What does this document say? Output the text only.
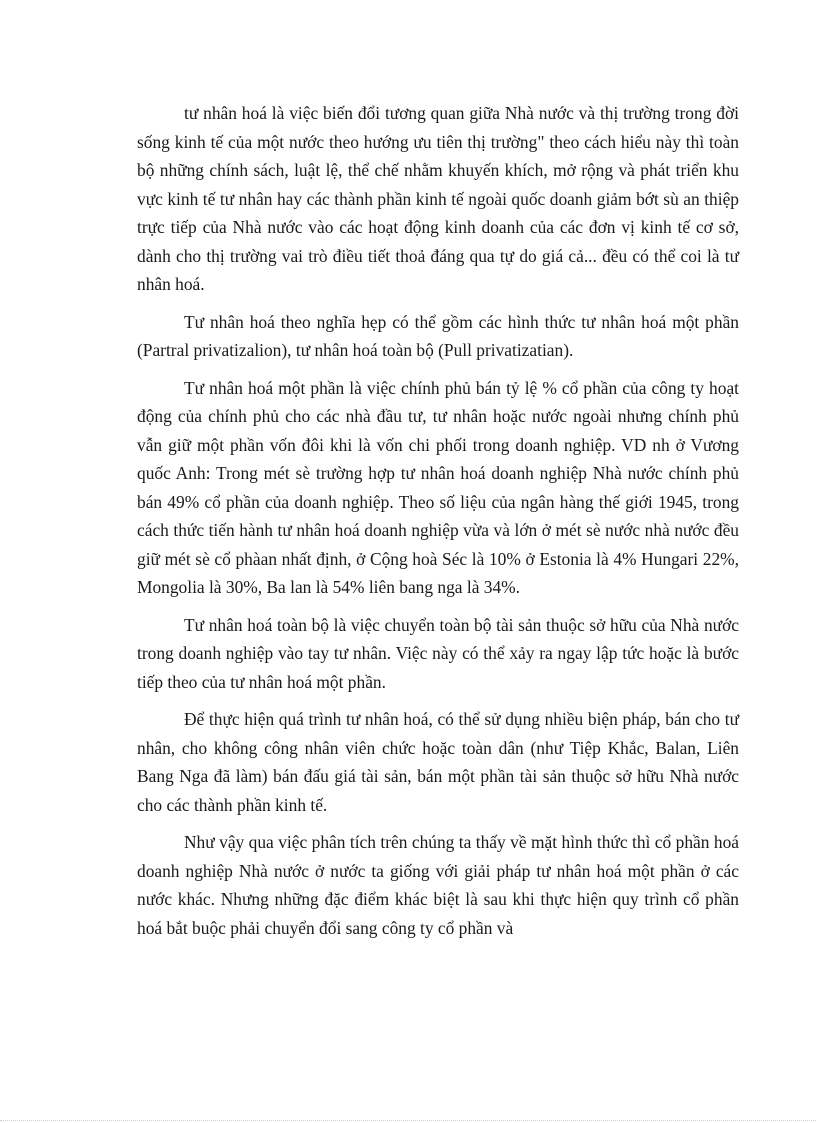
tư nhân hoá là việc biến đổi tương quan giữa Nhà nước và thị trường trong đời sống kinh tế của một nước theo hướng ưu tiên thị trường" theo cách hiểu này thì toàn bộ những chính sách, luật lệ, thể chế nhằm khuyến khích, mở rộng và phát triển khu vực kinh tế tư nhân hay các thành phần kinh tế ngoài quốc doanh giảm bớt sù an thiệp trực tiếp của Nhà nước vào các hoạt động kinh doanh của các đơn vị kinh tế cơ sở, dành cho thị trường vai trò điều tiết thoả đáng qua tự do giá cả... đều có thể coi là tư nhân hoá.

Tư nhân hoá theo nghĩa hẹp có thể gồm các hình thức tư nhân hoá một phần (Partral privatizalion), tư nhân hoá toàn bộ (Pull privatizatian).

Tư nhân hoá một phần là việc chính phủ bán tỷ lệ % cổ phần của công ty hoạt động của chính phủ cho các nhà đầu tư, tư nhân hoặc nước ngoài nhưng chính phủ vẫn giữ một phần vốn đôi khi là vốn chi phối trong doanh nghiệp. VD nh ở Vương quốc Anh: Trong mét sè trường hợp tư nhân hoá doanh nghiệp Nhà nước chính phủ bán 49% cổ phần của doanh nghiệp. Theo số liệu của ngân hàng thế giới 1945, trong cách thức tiến hành tư nhân hoá doanh nghiệp vừa và lớn ở mét sè nước nhà nước đều giữ mét sè cổ phàan nhất định, ở Cộng hoà Séc là 10% ở Estonia là 4% Hungari 22%, Mongolia là 30%, Ba lan là 54% liên bang nga là 34%.

Tư nhân hoá toàn bộ là việc chuyển toàn bộ tài sản thuộc sở hữu của Nhà nước trong doanh nghiệp vào tay tư nhân. Việc này có thể xảy ra ngay lập tức hoặc là bước tiếp theo của tư nhân hoá một phần.

Để thực hiện quá trình tư nhân hoá, có thể sử dụng nhiều biện pháp, bán cho tư nhân, cho không công nhân viên chức hoặc toàn dân (như Tiệp Khắc, Balan, Liên Bang Nga đã làm) bán đấu giá tài sản, bán một phần tài sản thuộc sở hữu Nhà nước cho các thành phần kinh tế.

Như vậy qua việc phân tích trên chúng ta thấy về mặt hình thức thì cổ phần hoá doanh nghiệp Nhà nước ở nước ta giống với giải pháp tư nhân hoá một phần ở các nước khác. Nhưng những đặc điểm khác biệt là sau khi thực hiện quy trình cổ phần hoá bắt buộc phải chuyển đổi sang công ty cổ phần và
